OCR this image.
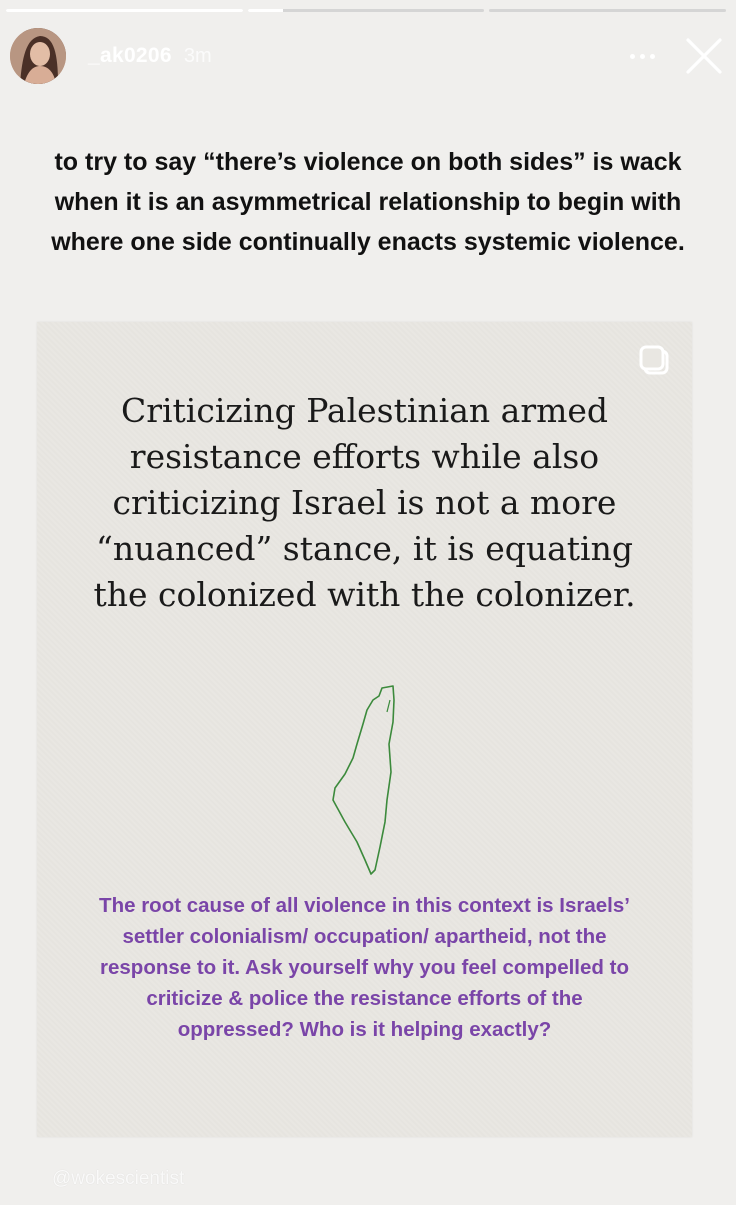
_ak0206 3m
to try to say “there’s violence on both sides” is wack when it is an asymmetrical relationship to begin with where one side continually enacts systemic violence.
Criticizing Palestinian armed resistance efforts while also criticizing Israel is not a more “nuanced” stance, it is equating the colonized with the colonizer.
The root cause of all violence in this context is Israels’ settler colonialism/ occupation/ apartheid, not the response to it. Ask yourself why you feel compelled to criticize & police the resistance efforts of the oppressed? Who is it helping exactly?
@wokescientist
